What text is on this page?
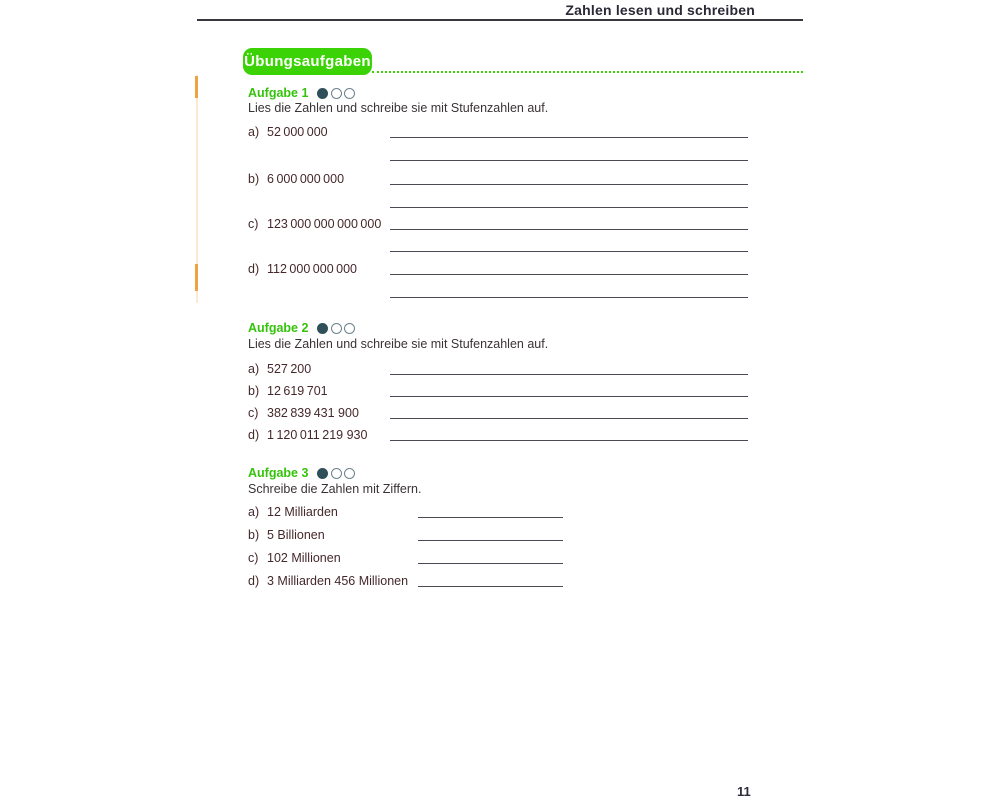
Zahlen lesen und schreiben
Übungsaufgaben
Aufgabe 1
Lies die Zahlen und schreibe sie mit Stufenzahlen auf.
a) 52 000 000
b) 6 000 000 000
c) 123 000 000 000 000
d) 112 000 000 000
Aufgabe 2
Lies die Zahlen und schreibe sie mit Stufenzahlen auf.
a) 527 200
b) 12 619 701
c) 382 839 431 900
d) 1 120 011 219 930
Aufgabe 3
Schreibe die Zahlen mit Ziffern.
a) 12 Milliarden
b) 5 Billionen
c) 102 Millionen
d) 3 Milliarden 456 Millionen
11
